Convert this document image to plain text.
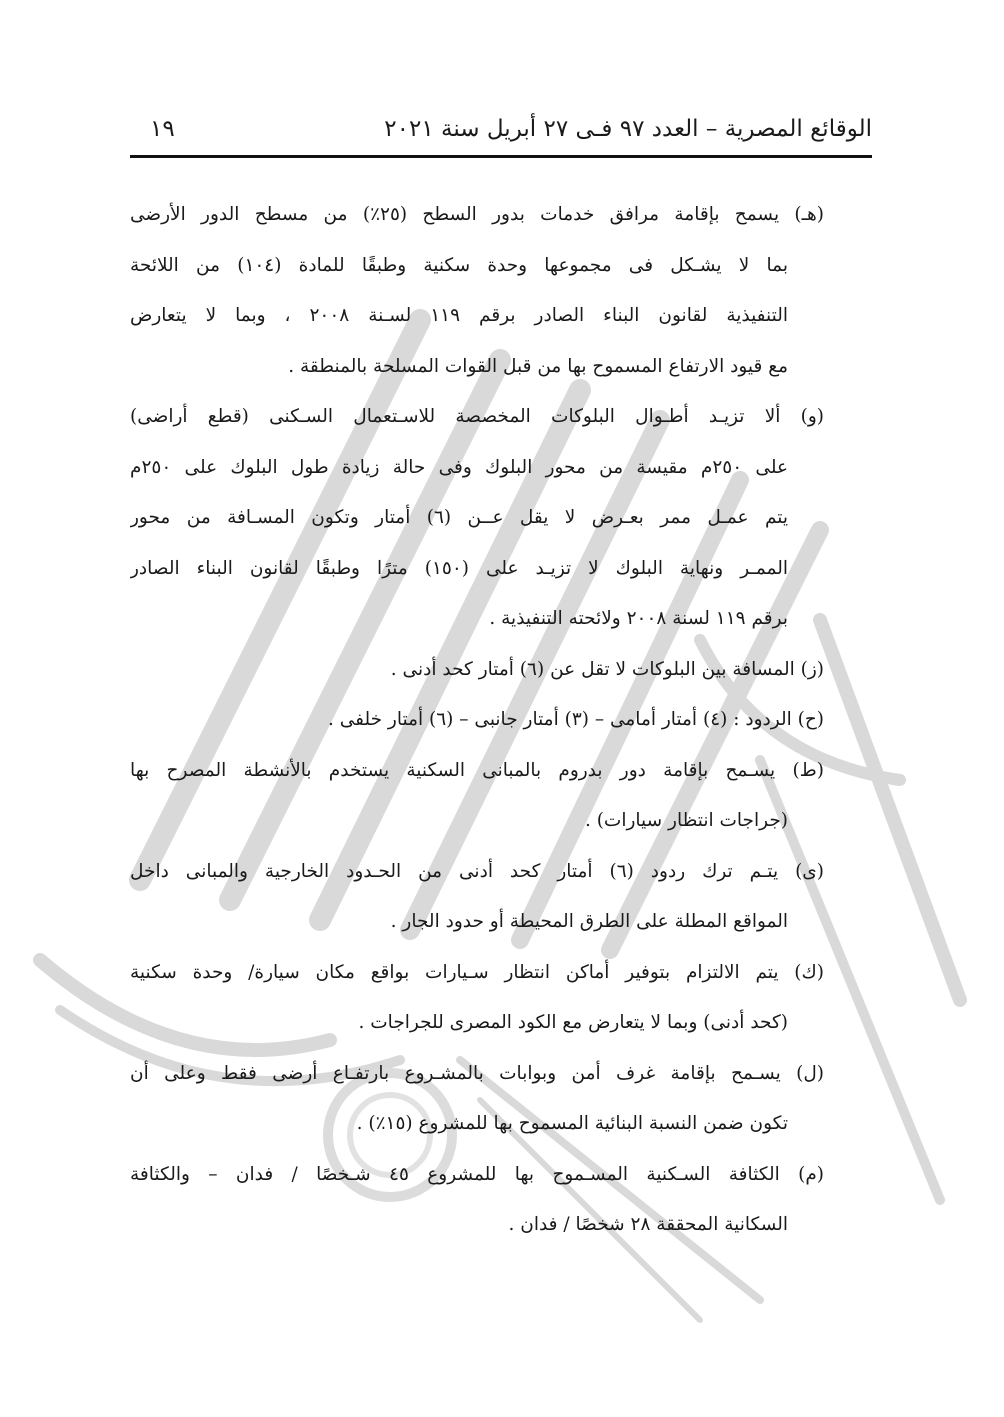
الوقائع المصرية – العدد ٩٧ فـى ٢٧ أبريل سنة ٢٠٢١
١٩
(هـ) يسمح بإقامة مرافق خدمات بدور السطح (٢٥٪) من مسطح الدور الأرضى
بما لا يشـكل فى مجموعها وحدة سكنية وطبقًا للمادة (١٠٤) من اللائحة
التنفيذية لقانون البناء الصادر برقم ١١٩ لسـنة ٢٠٠٨ ، وبما لا يتعارض
مع قيود الارتفاع المسموح بها من قبل القوات المسلحة بالمنطقة .
(و) ألا تزيـد أطـوال البلوكات المخصصة للاسـتعمال السـكنى (قطع أراضى)
على ٢٥٠م مقيسة من محور البلوك وفى حالة زيادة طول البلوك على ٢٥٠م
يتم عمـل ممر بعـرض لا يقل عــن (٦) أمتار وتكون المسـافة من محور
الممـر ونهاية البلوك لا تزيـد على (١٥٠) مترًا وطبقًا لقانون البناء الصادر
برقم ١١٩ لسنة ٢٠٠٨ ولائحته التنفيذية .
(ز) المسافة بين البلوكات لا تقل عن (٦) أمتار كحد أدنى .
(ح) الردود : (٤) أمتار أمامى – (٣) أمتار جانبى – (٦) أمتار خلفى .
(ط) يسـمح بإقامة دور بدروم بالمبانى السكنية يستخدم بالأنشطة المصرح بها
(جراجات انتظار سيارات) .
(ى) يتـم ترك ردود (٦) أمتار كحد أدنى من الحـدود الخارجية والمبانى داخل
المواقع المطلة على الطرق المحيطة أو حدود الجار .
(ك) يتم الالتزام بتوفير أماكن انتظار سـيارات بواقع مكان سيارة/ وحدة سكنية
(كحد أدنى) وبما لا يتعارض مع الكود المصرى للجراجات .
(ل) يسـمح بإقامة غرف أمن وبوابات بالمشـروع بارتفـاع أرضى فقط وعلى أن
تكون ضمن النسبة البنائية المسموح بها للمشروع (١٥٪) .
(م) الكثافة السـكنية المسـموح بها للمشروع ٤٥ شـخصًا / فدان – والكثافة
السكانية المحققة ٢٨ شخصًا / فدان .
